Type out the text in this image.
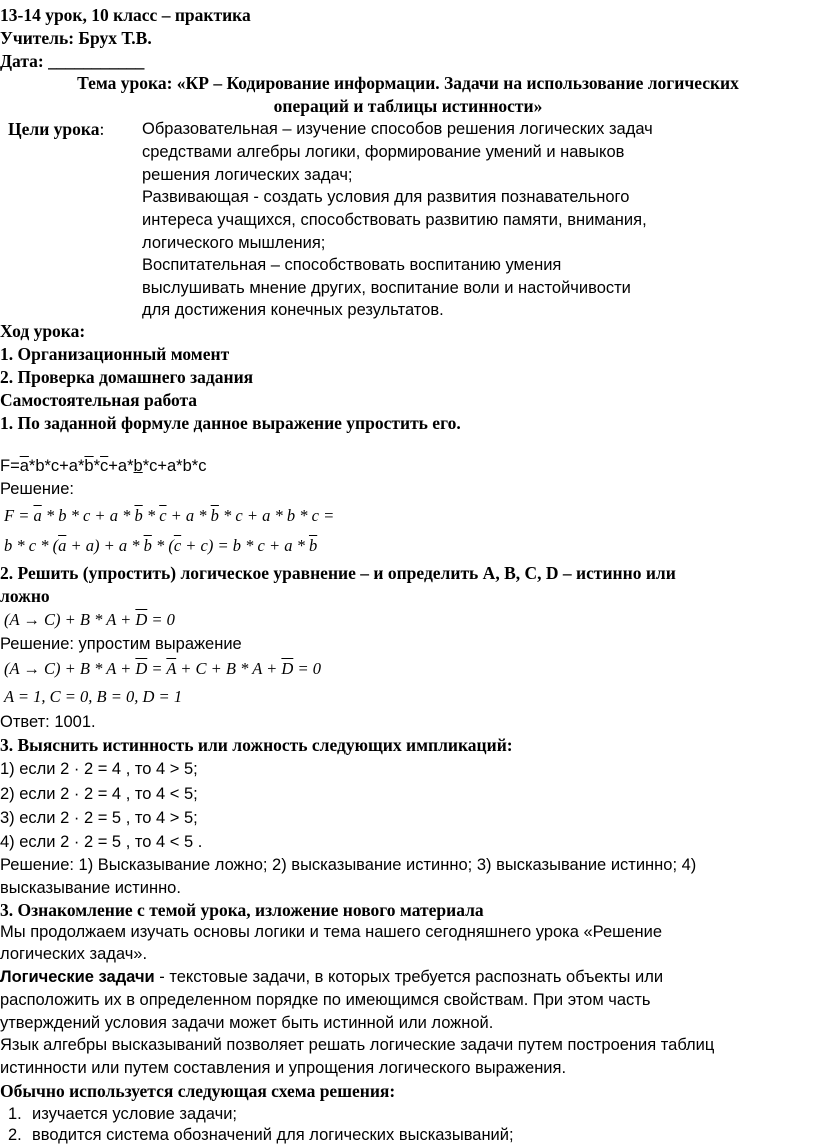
13-14 урок, 10 класс – практика
Учитель: Брух Т.В.
Дата: ___________
Тема урока: «КР – Кодирование информации. Задачи на использование логических
операций и таблицы истинности»
Цели урока: Образовательная – изучение способов решения логических задач
средствами алгебры логики, формирование умений и навыков
решения логических задач;
Развивающая - создать условия для развития познавательного
интереса учащихся, способствовать развитию памяти, внимания,
логического мышления;
Воспитательная – способствовать воспитанию умения
выслушивать мнение других, воспитание воли и настойчивости
для достижения конечных результатов.
Ход урока:
1. Организационный момент
2. Проверка домашнего задания
Самостоятельная работа
1. По заданной формуле данное выражение упростить его.
$F=\overline{a}*b*c+a*\overline{b}*\overline{c}+a*b*c+a*b*c$
Решение:
$F = \overline{a} * b * c + a * \overline{b} * \overline{c} + a * \overline{b} * c + a * b * c$ =
$b * c * (\overline{a} + a) + a * \overline{b} * (\overline{c} + c) = b * c + a * \overline{b}$
2. Решить (упростить) логическое уравнение – и определить A, B, C, D – истинно или
ложно
$(A \to C) + B * A + \overline{D} = 0$
Решение: упростим выражение
$(A \to C) + B * A + \overline{D} = \overline{A} + C + B * A + \overline{D} = 0$
A = 1, C = 0, B = 0, D = 1
Ответ: 1001.
3. Выяснить истинность или ложность следующих импликаций:
1) если 2 · 2 = 4 , то 4 > 5;
2) если 2 · 2 = 4 , то 4 < 5;
3) если 2 · 2 = 5 , то 4 > 5;
4) если 2 · 2 = 5 , то 4 < 5 .
Решение: 1) Высказывание ложно; 2) высказывание истинно; 3) высказывание истинно; 4)
высказывание истинно.
3. Ознакомление с темой урока, изложение нового материала
Мы продолжаем изучать основы логики и тема нашего сегодняшнего урока «Решение
логических задач».
Логические задачи - текстовые задачи, в которых требуется распознать объекты или
расположить их в определенном порядке по имеющимся свойствам. При этом часть
утверждений условия задачи может быть истинной или ложной.
Язык алгебры высказываний позволяет решать логические задачи путем построения таблиц
истинности или путем составления и упрощения логического выражения.
Обычно используется следующая схема решения:
1. изучается условие задачи;
2. вводится система обозначений для логических высказываний;
